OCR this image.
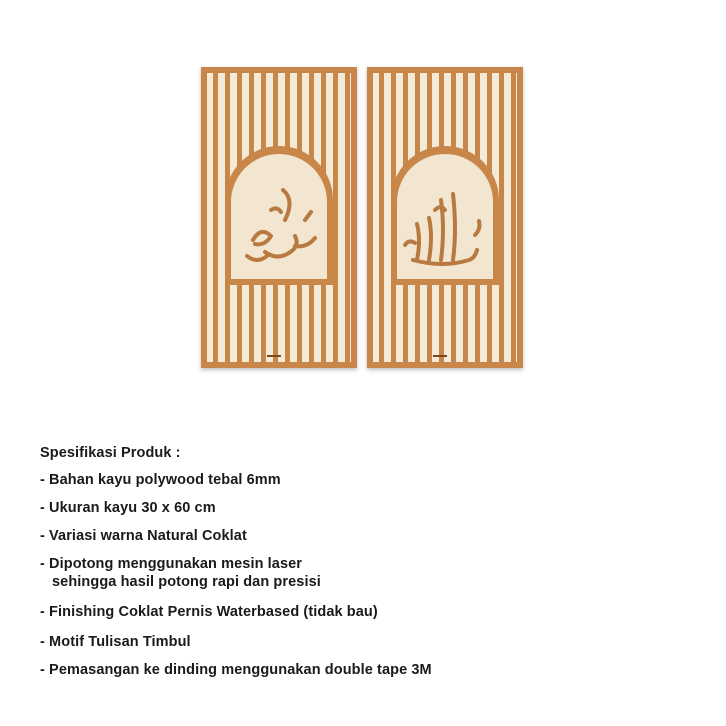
Spesifikasi Produk :
- Bahan kayu polywood tebal 6mm
- Ukuran kayu 30 x 60 cm
- Variasi warna Natural Coklat
- Dipotong menggunakan mesin laser
sehingga hasil potong rapi dan presisi
- Finishing Coklat Pernis Waterbased (tidak bau)
- Motif Tulisan Timbul
- Pemasangan ke dinding menggunakan double tape 3M
